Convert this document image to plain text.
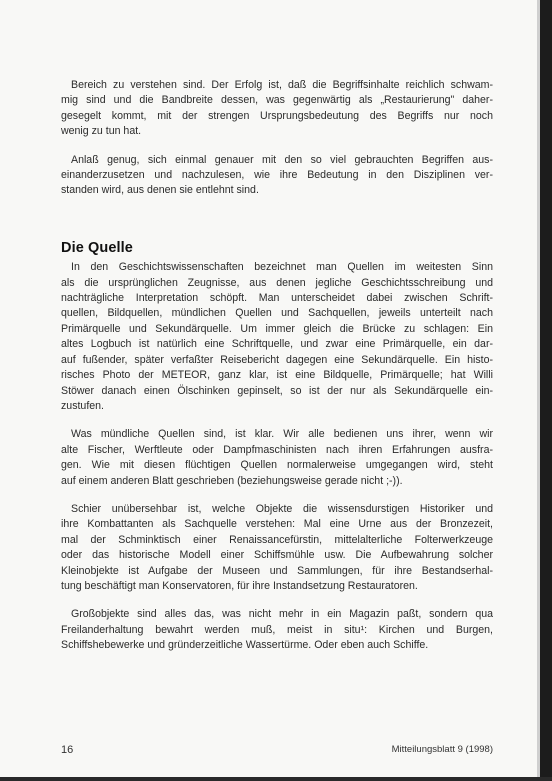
Bereich zu verstehen sind. Der Erfolg ist, daß die Begriffsinhalte reichlich schwam-
mig sind und die Bandbreite dessen, was gegenwärtig als „Restaurierung" daher-
gesegelt kommt, mit der strengen Ursprungsbedeutung des Begriffs nur noch
wenig zu tun hat.

Anlaß genug, sich einmal genauer mit den so viel gebrauchten Begriffen aus-
einanderzusetzen und nachzulesen, wie ihre Bedeutung in den Disziplinen ver-
standen wird, aus denen sie entlehnt sind.

Die Quelle

In den Geschichtswissenschaften bezeichnet man Quellen im weitesten Sinn
als die ursprünglichen Zeugnisse, aus denen jegliche Geschichtsschreibung und
nachträgliche Interpretation schöpft. Man unterscheidet dabei zwischen Schrift-
quellen, Bildquellen, mündlichen Quellen und Sachquellen, jeweils unterteilt nach
Primärquelle und Sekundärquelle. Um immer gleich die Brücke zu schlagen: Ein
altes Logbuch ist natürlich eine Schriftquelle, und zwar eine Primärquelle, ein dar-
auf fußender, später verfaßter Reisebericht dagegen eine Sekundärquelle. Ein histo-
risches Photo der METEOR, ganz klar, ist eine Bildquelle, Primärquelle; hat Willi
Stöwer danach einen Ölschinken gepinselt, so ist der nur als Sekundärquelle ein-
zustufen.

Was mündliche Quellen sind, ist klar. Wir alle bedienen uns ihrer, wenn wir
alte Fischer, Werftleute oder Dampfmaschinisten nach ihren Erfahrungen ausfra-
gen. Wie mit diesen flüchtigen Quellen normalerweise umgegangen wird, steht
auf einem anderen Blatt geschrieben (beziehungsweise gerade nicht ;-)).

Schier unübersehbar ist, welche Objekte die wissensdurstigen Historiker und
ihre Kombattanten als Sachquelle verstehen: Mal eine Urne aus der Bronzezeit,
mal der Schminktisch einer Renaissancefürstin, mittelalterliche Folterwerkzeuge
oder das historische Modell einer Schiffsmühle usw. Die Aufbewahrung solcher
Kleinobjekte ist Aufgabe der Museen und Sammlungen, für ihre Bestandserhal-
tung beschäftigt man Konservatoren, für ihre Instandsetzung Restauratoren.

Großobjekte sind alles das, was nicht mehr in ein Magazin paßt, sondern qua
Freilanderhaltung bewahrt werden muß, meist in situ¹: Kirchen und Burgen,
Schiffshebewerke und gründerzeitliche Wassertürme. Oder eben auch Schiffe.

16	Mitteilungsblatt 9 (1998)
